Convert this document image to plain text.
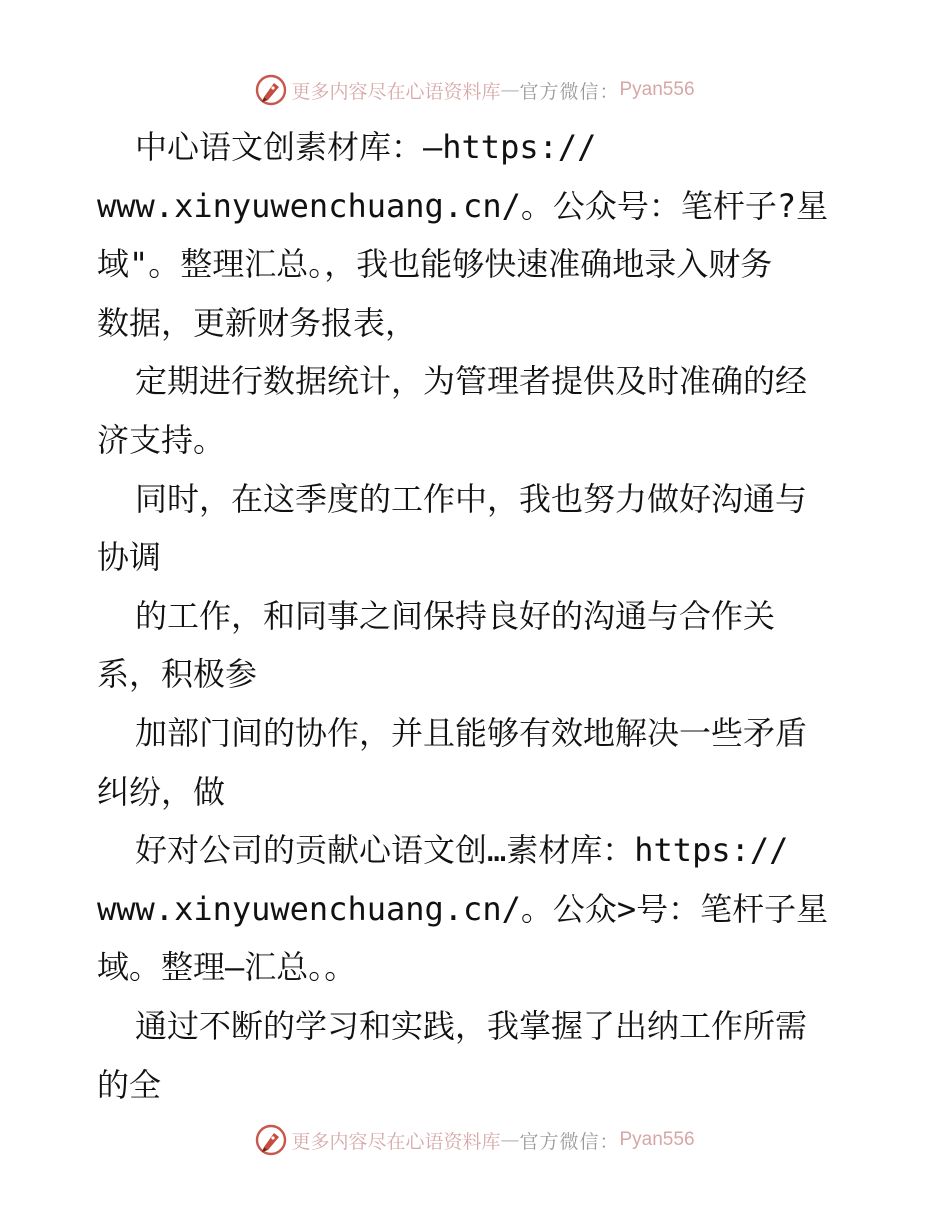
更多内容尽在心语资料库 — 官方微信： Pyan556
中心语文创素材库：—https://
www.xinyuwenchuang.cn/。公众号：笔杆子?星
域"。整理汇总。，我也能够快速准确地录入财务
数据，更新财务报表，
定期进行数据统计，为管理者提供及时准确的经
济支持。
同时，在这季度的工作中，我也努力做好沟通与
协调
的工作，和同事之间保持良好的沟通与合作关
系，积极参
加部门间的协作，并且能够有效地解决一些矛盾
纠纷，做
好对公司的贡献心语文创…素材库：https://
www.xinyuwenchuang.cn/。公众>号：笔杆子星
域。整理—汇总。。
通过不断的学习和实践，我掌握了出纳工作所需
的全
更多内容尽在心语资料库 — 官方微信： Pyan556
